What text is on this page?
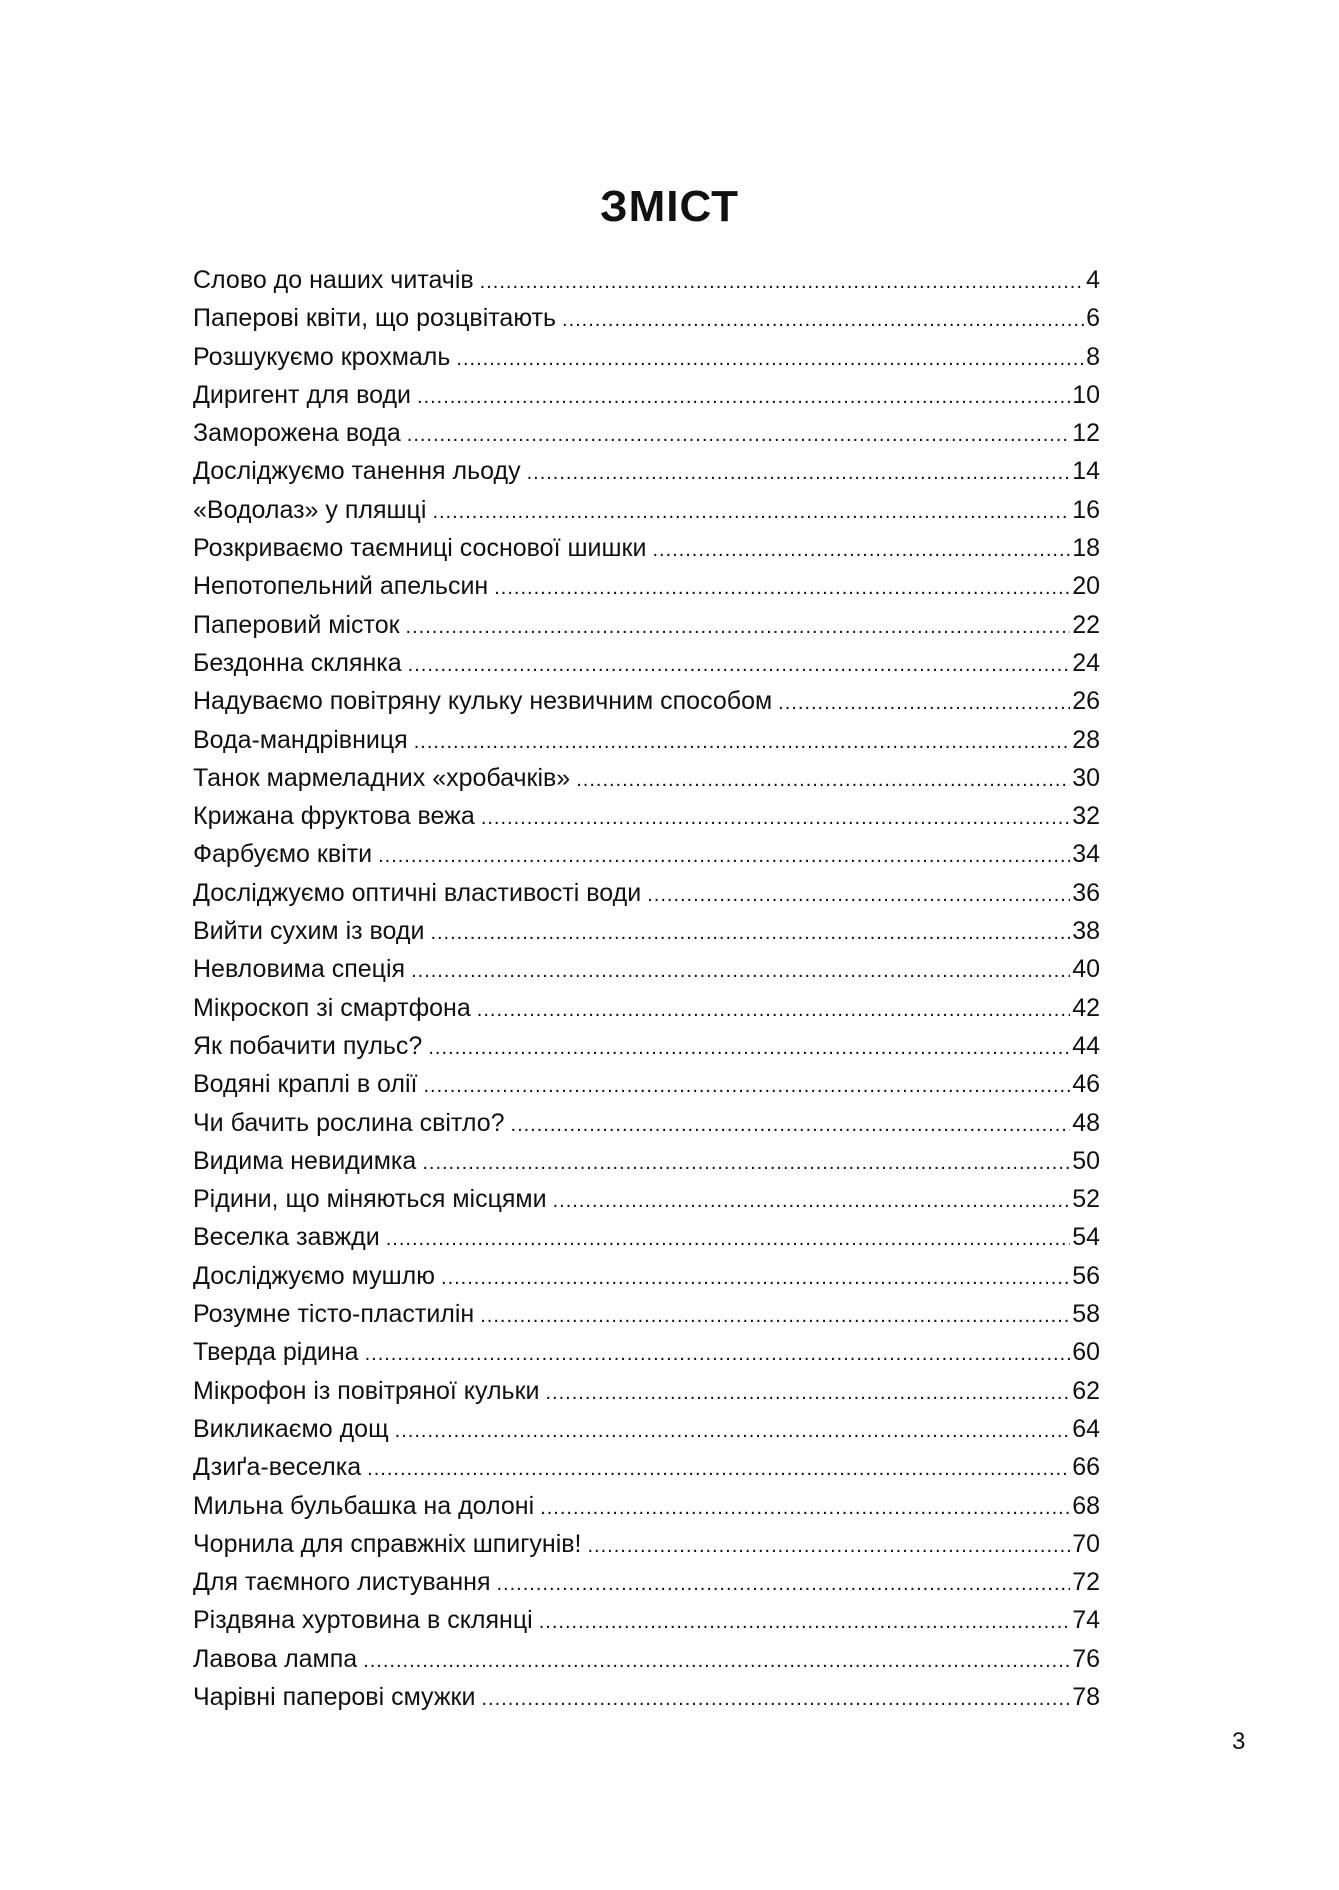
ЗМІСТ
Слово до наших читачів .....	4
Паперові квіти, що розцвітають .....	6
Розшукуємо крохмаль .....	8
Диригент для води .....	10
Заморожена вода .....	12
Досліджуємо танення льоду .....	14
«Водолаз» у пляшці .....	16
Розкриваємо таємниці соснової шишки .....	18
Непотопельний апельсин .....	20
Паперовий місток .....	22
Бездонна склянка .....	24
Надуваємо повітряну кульку незвичним способом .....	26
Вода-мандрівниця .....	28
Танок мармеладних «хробачків» .....	30
Крижана фруктова вежа .....	32
Фарбуємо квіти .....	34
Досліджуємо оптичні властивості води .....	36
Вийти сухим із води .....	38
Невловима спеція .....	40
Мікроскоп зі смартфона .....	42
Як побачити пульс? .....	44
Водяні краплі в олії .....	46
Чи бачить рослина світло? .....	48
Видима невидимка .....	50
Рідини, що міняються місцями .....	52
Веселка завжди .....	54
Досліджуємо мушлю .....	56
Розумне тісто-пластилін .....	58
Тверда рідина .....	60
Мікрофон із повітряної кульки .....	62
Викликаємо дощ .....	64
Дзиґа-веселка .....	66
Мильна бульбашка на долоні .....	68
Чорнила для справжніх шпигунів! .....	70
Для таємного листування .....	72
Різдвяна хуртовина в склянці .....	74
Лавова лампа .....	76
Чарівні паперові смужки .....	78
3
